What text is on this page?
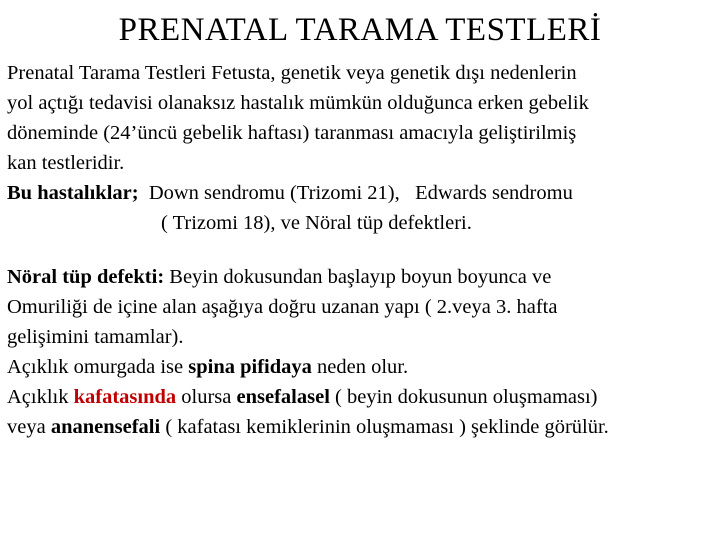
PRENATAL TARAMA TESTLERİ
Prenatal Tarama Testleri Fetusta, genetik veya genetik dışı nedenlerin
yol açtığı tedavisi olanaksız hastalık mümkün olduğunca erken gebelik
döneminde (24’üncü gebelik haftası) taranması amacıyla geliştirilmiş
kan testleridir.
Bu hastalıklar;  Down sendromu (Trizomi 21),   Edwards sendromu
( Trizomi 18), ve Nöral tüp defektleri.
Nöral tüp defekti: Beyin dokusundan başlayıp boyun boyunca ve
Omuriliği de içine alan aşağıya doğru uzanan yapı ( 2.veya 3. hafta
gelişimini tamamlar).
Açıklık omurgada ise spina pifidaya neden olur.
Açıklık kafatasında olursa ensefalasel ( beyin dokusunun oluşmaması)
veya ananensefali ( kafatası kemiklerinin oluşmaması ) şeklinde görülür.
